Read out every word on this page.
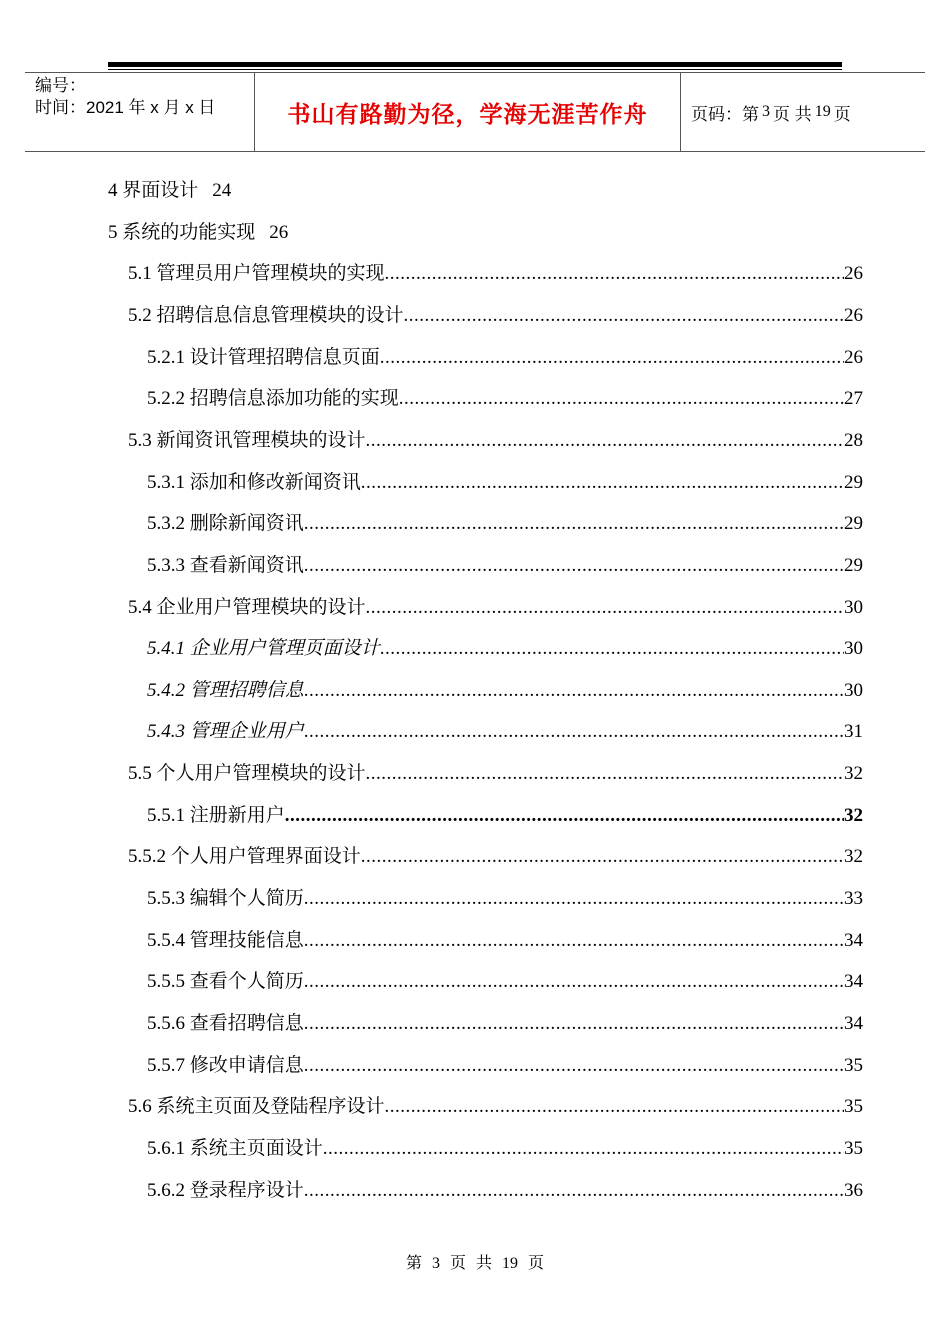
编号：
时间：2021 年 x 月 x 日	书山有路勤为径，学海无涯苦作舟	页码：第 3 页 共 19 页
4 界面设计 24
5 系统的功能实现 26
5.1 管理员用户管理模块的实现 .....	26
5.2 招聘信息信息管理模块的设计 .....	26
5.2.1 设计管理招聘信息页面 .....	26
5.2.2 招聘信息添加功能的实现 .....	27
5.3 新闻资讯管理模块的设计 .....	28
5.3.1 添加和修改新闻资讯 .....	29
5.3.2 删除新闻资讯 .....	29
5.3.3 查看新闻资讯 .....	29
5.4 企业用户管理模块的设计 .....	30
5.4.1 企业用户管理页面设计 .....	30
5.4.2 管理招聘信息 .....	30
5.4.3 管理企业用户 .....	31
5.5 个人用户管理模块的设计 .....	32
5.5.1 注册新用户 .....	32
5.5.2 个人用户管理界面设计 .....	32
5.5.3 编辑个人简历 .....	33
5.5.4 管理技能信息 .....	34
5.5.5 查看个人简历 .....	34
5.5.6 查看招聘信息 .....	34
5.5.7 修改申请信息 .....	35
5.6 系统主页面及登陆程序设计 .....	35
5.6.1 系统主页面设计 .....	35
5.6.2 登录程序设计 .....	36
第 3 页 共 19 页
